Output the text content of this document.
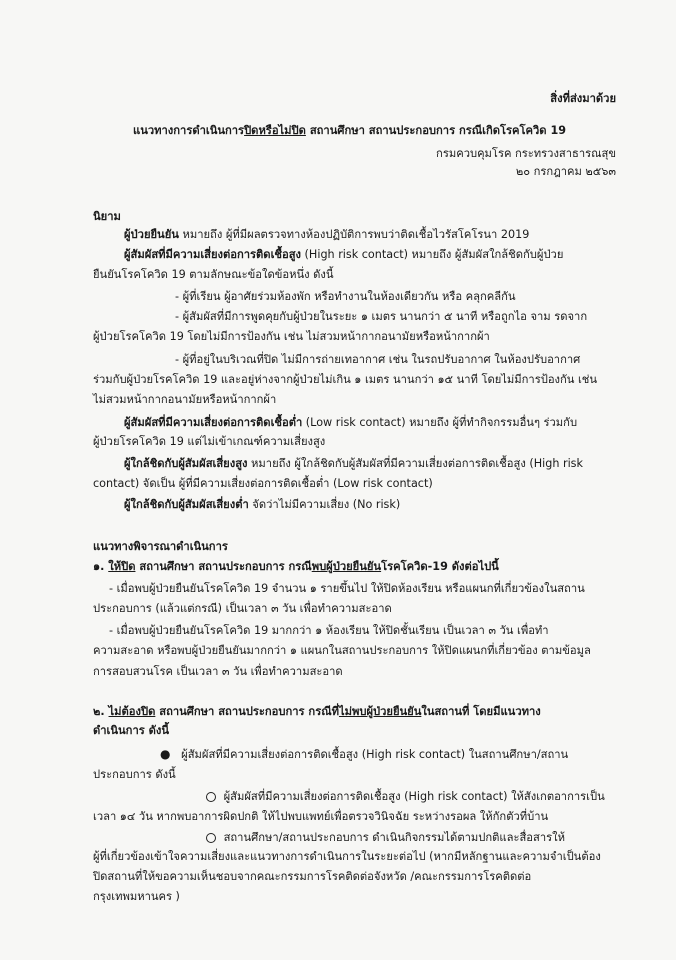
สิ่งที่ส่งมาด้วย
แนวทางการดำเนินการปิดหรือไม่ปิด สถานศึกษา สถานประกอบการ กรณีเกิดโรคโควิด 19
กรมควบคุมโรค กระทรวงสาธารณสุข
๒๐ กรกฎาคม ๒๕๖๓
นิยาม
ผู้ป่วยยืนยัน หมายถึง ผู้ที่มีผลตรวจทางห้องปฏิบัติการพบว่าติดเชื้อไวรัสโคโรนา 2019
ผู้สัมผัสที่มีความเสี่ยงต่อการติดเชื้อสูง (High risk contact) หมายถึง ผู้สัมผัสใกล้ชิดกับผู้ป่วย
ยืนยันโรคโควิด 19 ตามลักษณะข้อใดข้อหนึ่ง ดังนี้
- ผู้ที่เรียน ผู้อาศัยร่วมห้องพัก หรือทำงานในห้องเดียวกัน หรือ คลุกคลีกัน
- ผู้สัมผัสที่มีการพูดคุยกับผู้ป่วยในระยะ ๑ เมตร นานกว่า ๕ นาที หรือถูกไอ จาม รดจาก
ผู้ป่วยโรคโควิด 19 โดยไม่มีการป้องกัน เช่น ไม่สวมหน้ากากอนามัยหรือหน้ากากผ้า
- ผู้ที่อยู่ในบริเวณที่ปิด ไม่มีการถ่ายเทอากาศ เช่น ในรถปรับอากาศ ในห้องปรับอากาศ
ร่วมกับผู้ป่วยโรคโควิด 19 และอยู่ห่างจากผู้ป่วยไม่เกิน ๑ เมตร นานกว่า ๑๕ นาที โดยไม่มีการป้องกัน เช่น
ไม่สวมหน้ากากอนามัยหรือหน้ากากผ้า
ผู้สัมผัสที่มีความเสี่ยงต่อการติดเชื้อต่ำ (Low risk contact) หมายถึง ผู้ที่ทำกิจกรรมอื่นๆ ร่วมกับ
ผู้ป่วยโรคโควิด 19 แต่ไม่เข้าเกณฑ์ความเสี่ยงสูง
ผู้ใกล้ชิดกับผู้สัมผัสเสี่ยงสูง หมายถึง ผู้ใกล้ชิดกับผู้สัมผัสที่มีความเสี่ยงต่อการติดเชื้อสูง (High risk
contact) จัดเป็น ผู้ที่มีความเสี่ยงต่อการติดเชื้อต่ำ (Low risk contact)
ผู้ใกล้ชิดกับผู้สัมผัสเสี่ยงต่ำ จัดว่าไม่มีความเสี่ยง (No risk)
แนวทางพิจารณาดำเนินการ
๑. ให้ปิด สถานศึกษา สถานประกอบการ กรณีพบผู้ป่วยยืนยันโรคโควิด-19 ดังต่อไปนี้
- เมื่อพบผู้ป่วยยืนยันโรคโควิด 19 จำนวน ๑ รายขึ้นไป ให้ปิดห้องเรียน หรือแผนกที่เกี่ยวข้องในสถาน
ประกอบการ (แล้วแต่กรณี) เป็นเวลา ๓ วัน เพื่อทำความสะอาด
- เมื่อพบผู้ป่วยยืนยันโรคโควิด 19 มากกว่า ๑ ห้องเรียน ให้ปิดชั้นเรียน เป็นเวลา ๓ วัน เพื่อทำ
ความสะอาด หรือพบผู้ป่วยยืนยันมากกว่า ๑ แผนกในสถานประกอบการ ให้ปิดแผนกที่เกี่ยวข้อง ตามข้อมูล
การสอบสวนโรค เป็นเวลา ๓ วัน เพื่อทำความสะอาด
๒. ไม่ต้องปิด สถานศึกษา สถานประกอบการ กรณีที่ไม่พบผู้ป่วยยืนยันในสถานที่ โดยมีแนวทาง
ดำเนินการ ดังนี้
● ผู้สัมผัสที่มีความเสี่ยงต่อการติดเชื้อสูง (High risk contact) ในสถานศึกษา/สถาน
ประกอบการ ดังนี้
ผู้สัมผัสที่มีความเสี่ยงต่อการติดเชื้อสูง (High risk contact) ให้สังเกตอาการเป็น
เวลา ๑๔ วัน หากพบอาการผิดปกติ ให้ไปพบแพทย์เพื่อตรวจวินิจฉัย ระหว่างรอผล ให้กักตัวที่บ้าน
สถานศึกษา/สถานประกอบการ ดำเนินกิจกรรมได้ตามปกติและสื่อสารให้
ผู้ที่เกี่ยวข้องเข้าใจความเสี่ยงและแนวทางการดำเนินการในระยะต่อไป (หากมีหลักฐานและความจำเป็นต้อง
ปิดสถานที่ให้ขอความเห็นชอบจากคณะกรรมการโรคติดต่อจังหวัด /คณะกรรมการโรคติดต่อ
กรุงเทพมหานคร )
